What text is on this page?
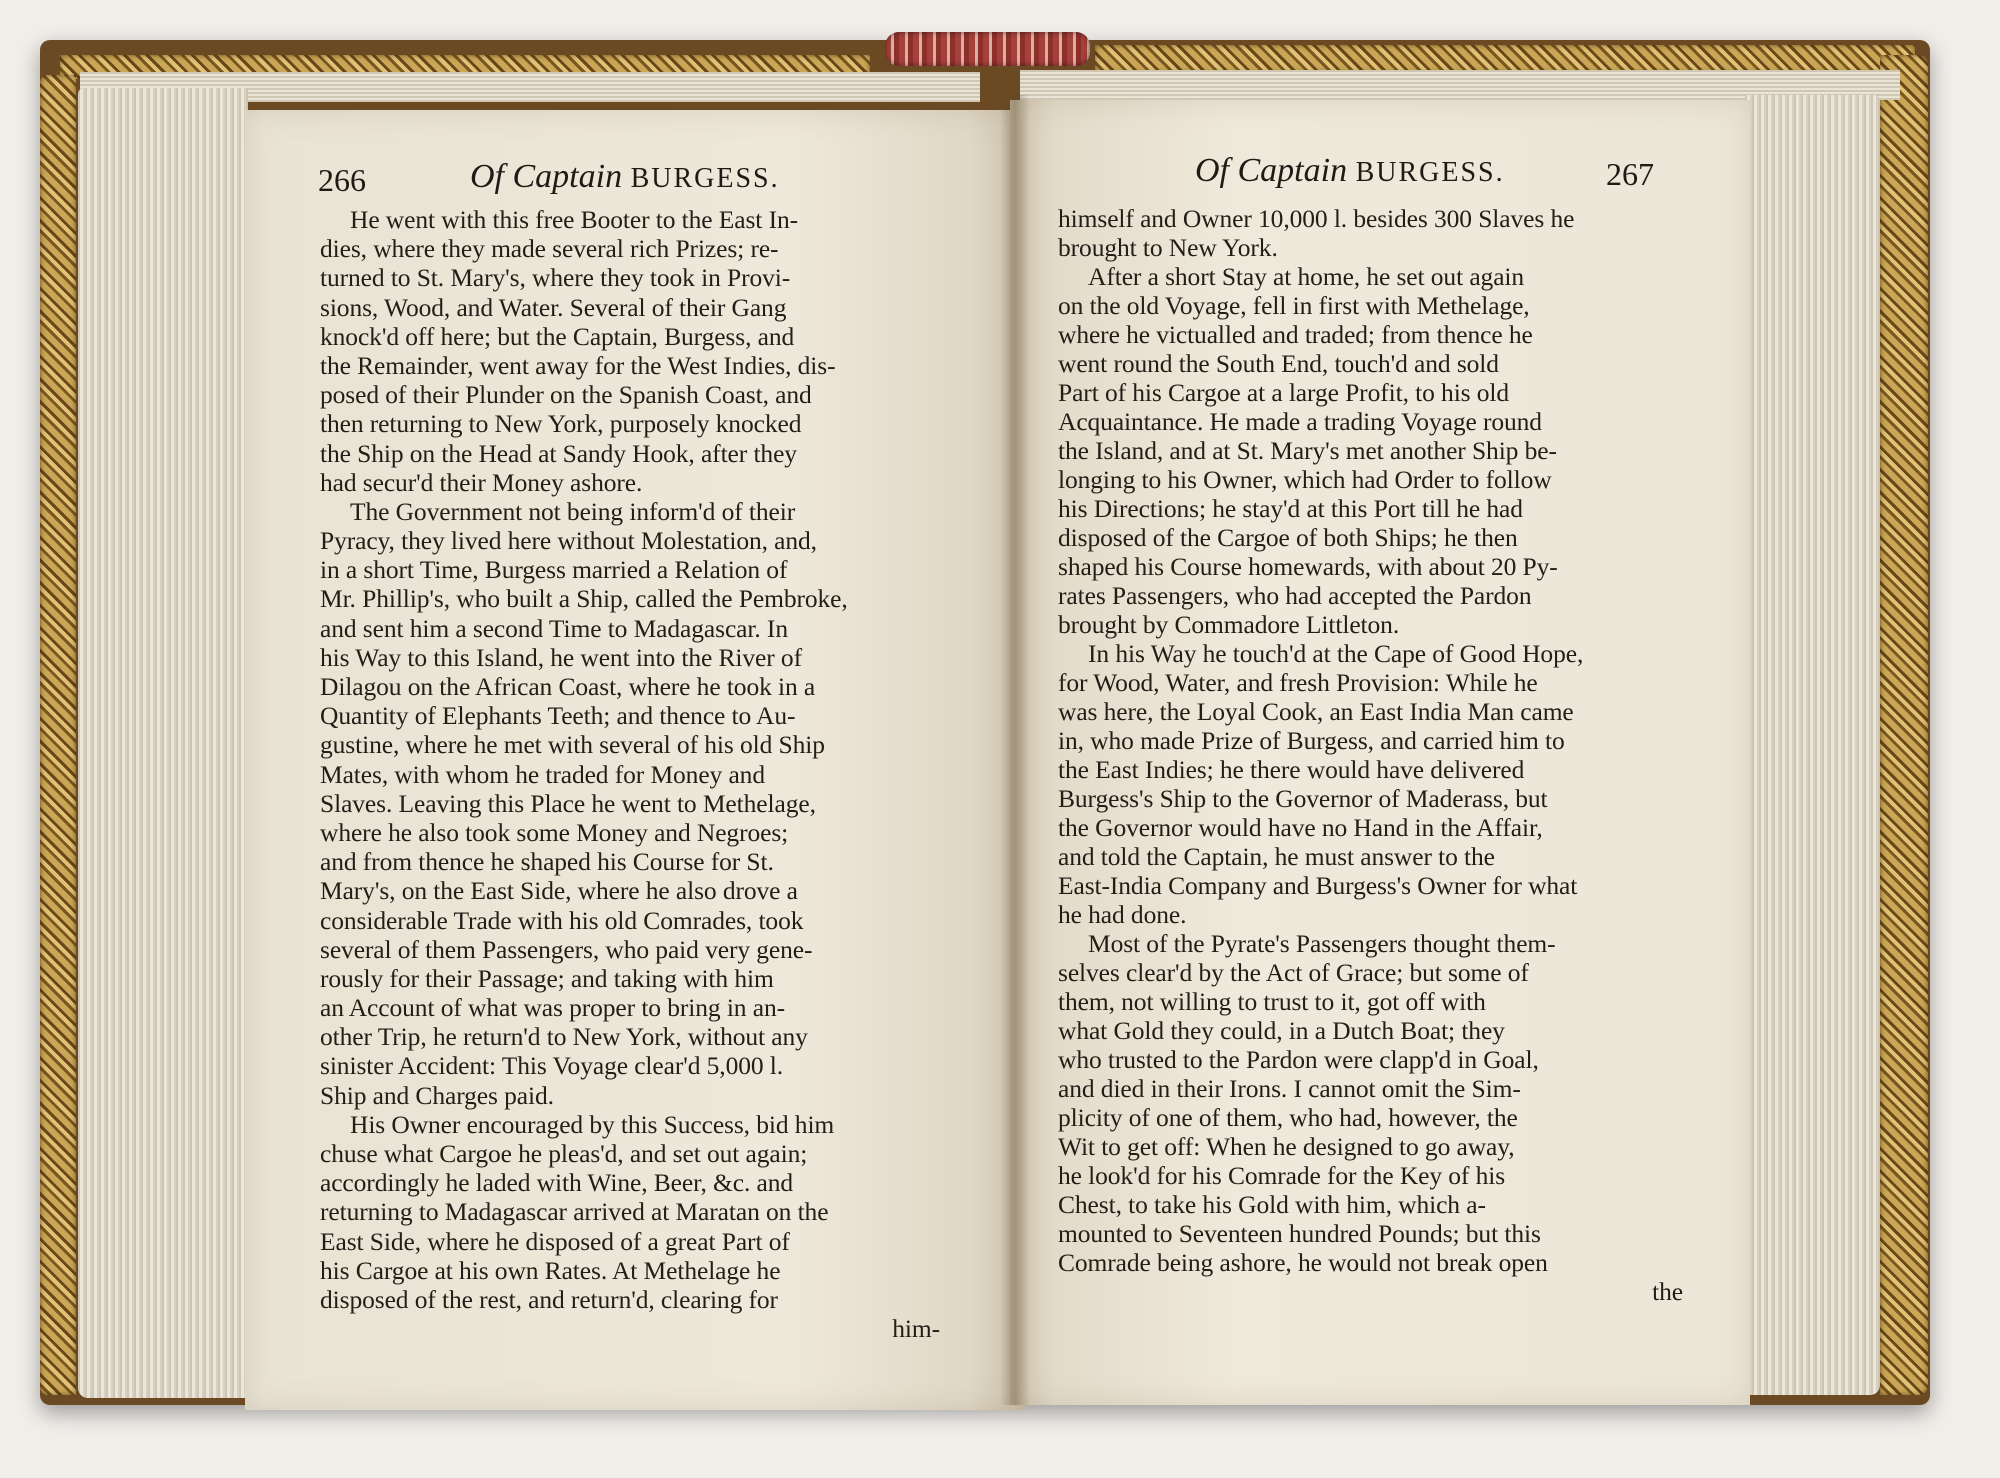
266	Of Captain BURGESS.	Of Captain BURGESS.	267
He went with this free Booter to the East In-
dies, where they made several rich Prizes; re-
turned to St. Mary's, where they took in Provi-
sions, Wood, and Water. Several of their Gang
knock'd off here; but the Captain, Burgess, and
the Remainder, went away for the West Indies, dis-
posed of their Plunder on the Spanish Coast, and
then returning to New York, purposely knocked
the Ship on the Head at Sandy Hook, after they
had secur'd their Money ashore.
The Government not being inform'd of their
Pyracy, they lived here without Molestation, and,
in a short Time, Burgess married a Relation of
Mr. Phillip's, who built a Ship, called the Pembroke,
and sent him a second Time to Madagascar. In
his Way to this Island, he went into the River of
Dilagou on the African Coast, where he took in a
Quantity of Elephants Teeth; and thence to Au-
gustine, where he met with several of his old Ship
Mates, with whom he traded for Money and
Slaves. Leaving this Place he went to Methelage,
where he also took some Money and Negroes;
and from thence he shaped his Course for St.
Mary's, on the East Side, where he also drove a
considerable Trade with his old Comrades, took
several of them Passengers, who paid very gene-
rously for their Passage; and taking with him
an Account of what was proper to bring in an-
other Trip, he return'd to New York, without any
sinister Accident: This Voyage clear'd 5,000 l.
Ship and Charges paid.
His Owner encouraged by this Success, bid him
chuse what Cargoe he pleas'd, and set out again;
accordingly he laded with Wine, Beer, &c. and
returning to Madagascar arrived at Maratan on the
East Side, where he disposed of a great Part of
his Cargoe at his own Rates. At Methelage he
disposed of the rest, and return'd, clearing for
him-
himself and Owner 10,000 l. besides 300 Slaves he
brought to New York.
After a short Stay at home, he set out again
on the old Voyage, fell in first with Methelage,
where he victualled and traded; from thence he
went round the South End, touch'd and sold
Part of his Cargoe at a large Profit, to his old
Acquaintance. He made a trading Voyage round
the Island, and at St. Mary's met another Ship be-
longing to his Owner, which had Order to follow
his Directions; he stay'd at this Port till he had
disposed of the Cargoe of both Ships; he then
shaped his Course homewards, with about 20 Py-
rates Passengers, who had accepted the Pardon
brought by Commadore Littleton.
In his Way he touch'd at the Cape of Good Hope,
for Wood, Water, and fresh Provision: While he
was here, the Loyal Cook, an East India Man came
in, who made Prize of Burgess, and carried him to
the East Indies; he there would have delivered
Burgess's Ship to the Governor of Maderass, but
the Governor would have no Hand in the Affair,
and told the Captain, he must answer to the
East-India Company and Burgess's Owner for what
he had done.
Most of the Pyrate's Passengers thought them-
selves clear'd by the Act of Grace; but some of
them, not willing to trust to it, got off with
what Gold they could, in a Dutch Boat; they
who trusted to the Pardon were clapp'd in Goal,
and died in their Irons. I cannot omit the Sim-
plicity of one of them, who had, however, the
Wit to get off: When he designed to go away,
he look'd for his Comrade for the Key of his
Chest, to take his Gold with him, which a-
mounted to Seventeen hundred Pounds; but this
Comrade being ashore, he would not break open
the
